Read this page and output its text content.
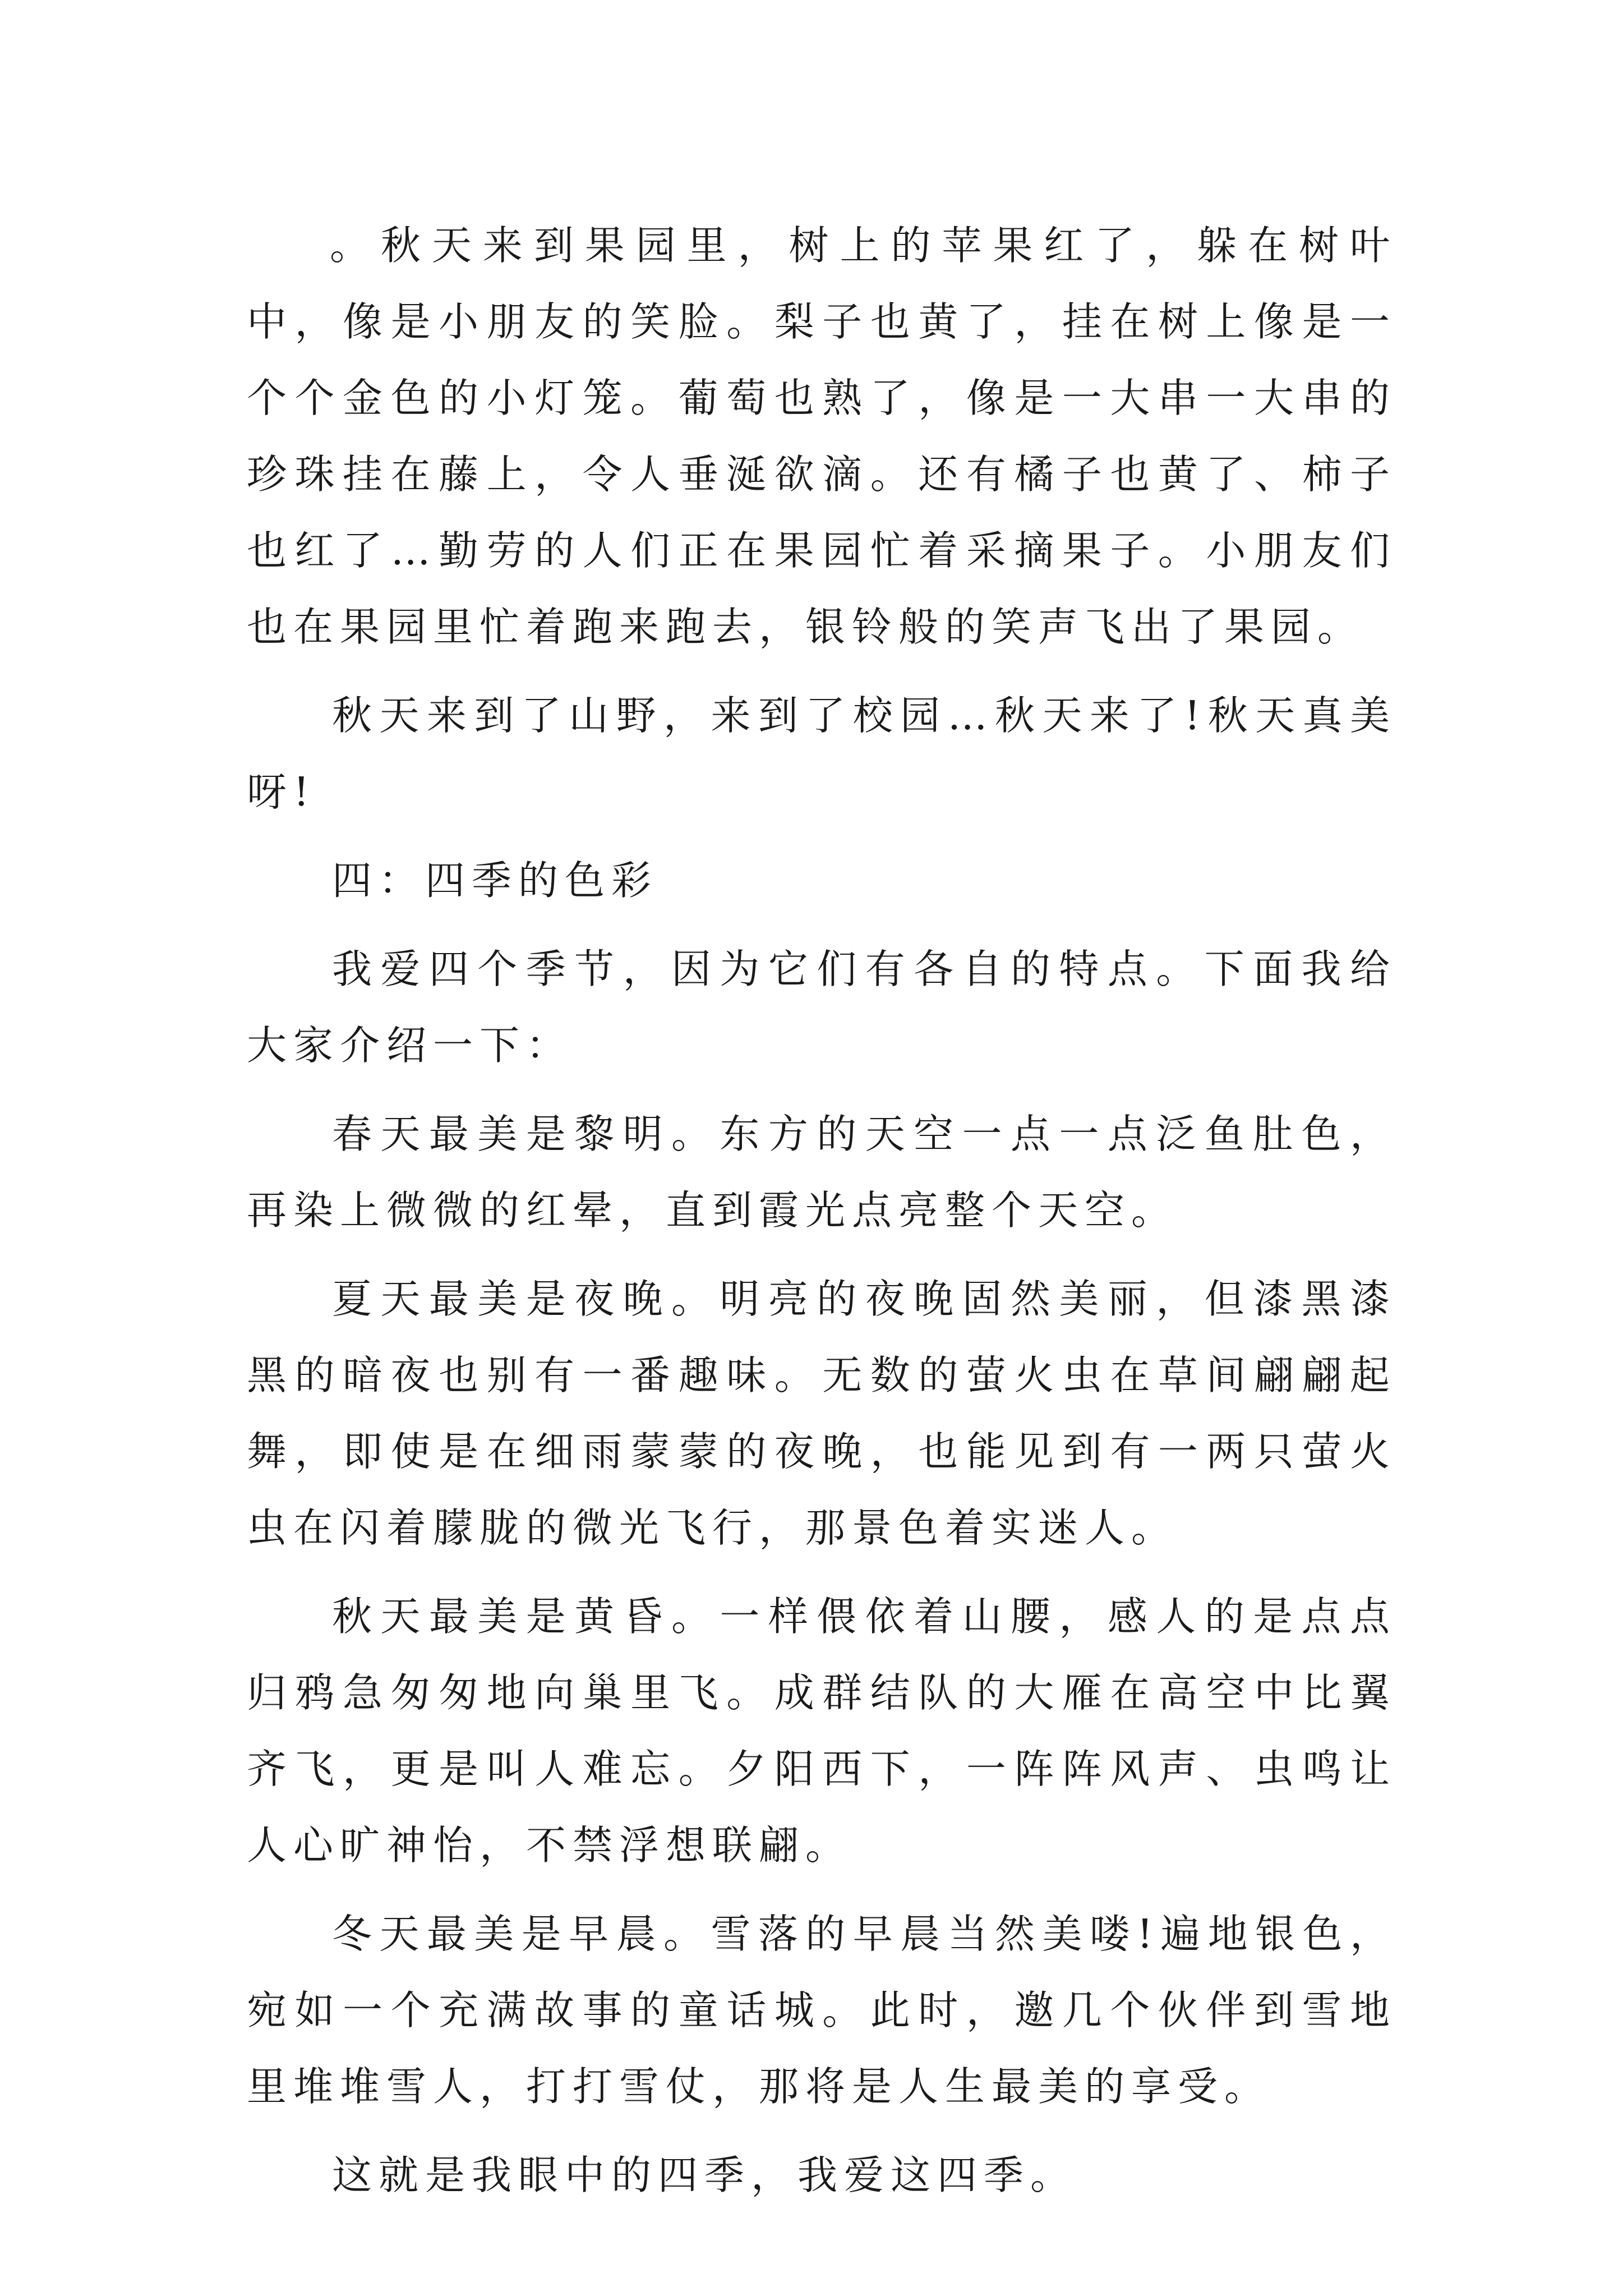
。秋天来到果园里，树上的苹果红了，躲在树叶中，像是小朋友的笑脸。梨子也黄了，挂在树上像是一个个金色的小灯笼。葡萄也熟了，像是一大串一大串的珍珠挂在藤上，令人垂涎欲滴。还有橘子也黄了、柿子也红了…勤劳的人们正在果园忙着采摘果子。小朋友们也在果园里忙着跑来跑去，银铃般的笑声飞出了果园。

秋天来到了山野，来到了校园…秋天来了!秋天真美呀!

四：四季的色彩

我爱四个季节，因为它们有各自的特点。下面我给大家介绍一下：

春天最美是黎明。东方的天空一点一点泛鱼肚色，再染上微微的红晕，直到霞光点亮整个天空。

夏天最美是夜晚。明亮的夜晚固然美丽，但漆黑漆黑的暗夜也别有一番趣味。无数的萤火虫在草间翩翩起舞，即使是在细雨蒙蒙的夜晚，也能见到有一两只萤火虫在闪着朦胧的微光飞行，那景色着实迷人。

秋天最美是黄昏。一样偎依着山腰，感人的是点点归鸦急匆匆地向巢里飞。成群结队的大雁在高空中比翼齐飞，更是叫人难忘。夕阳西下，一阵阵风声、虫鸣让人心旷神怡，不禁浮想联翩。

冬天最美是早晨。雪落的早晨当然美喽!遍地银色，宛如一个充满故事的童话城。此时，邀几个伙伴到雪地里堆堆雪人，打打雪仗，那将是人生最美的享受。

这就是我眼中的四季，我爱这四季。
